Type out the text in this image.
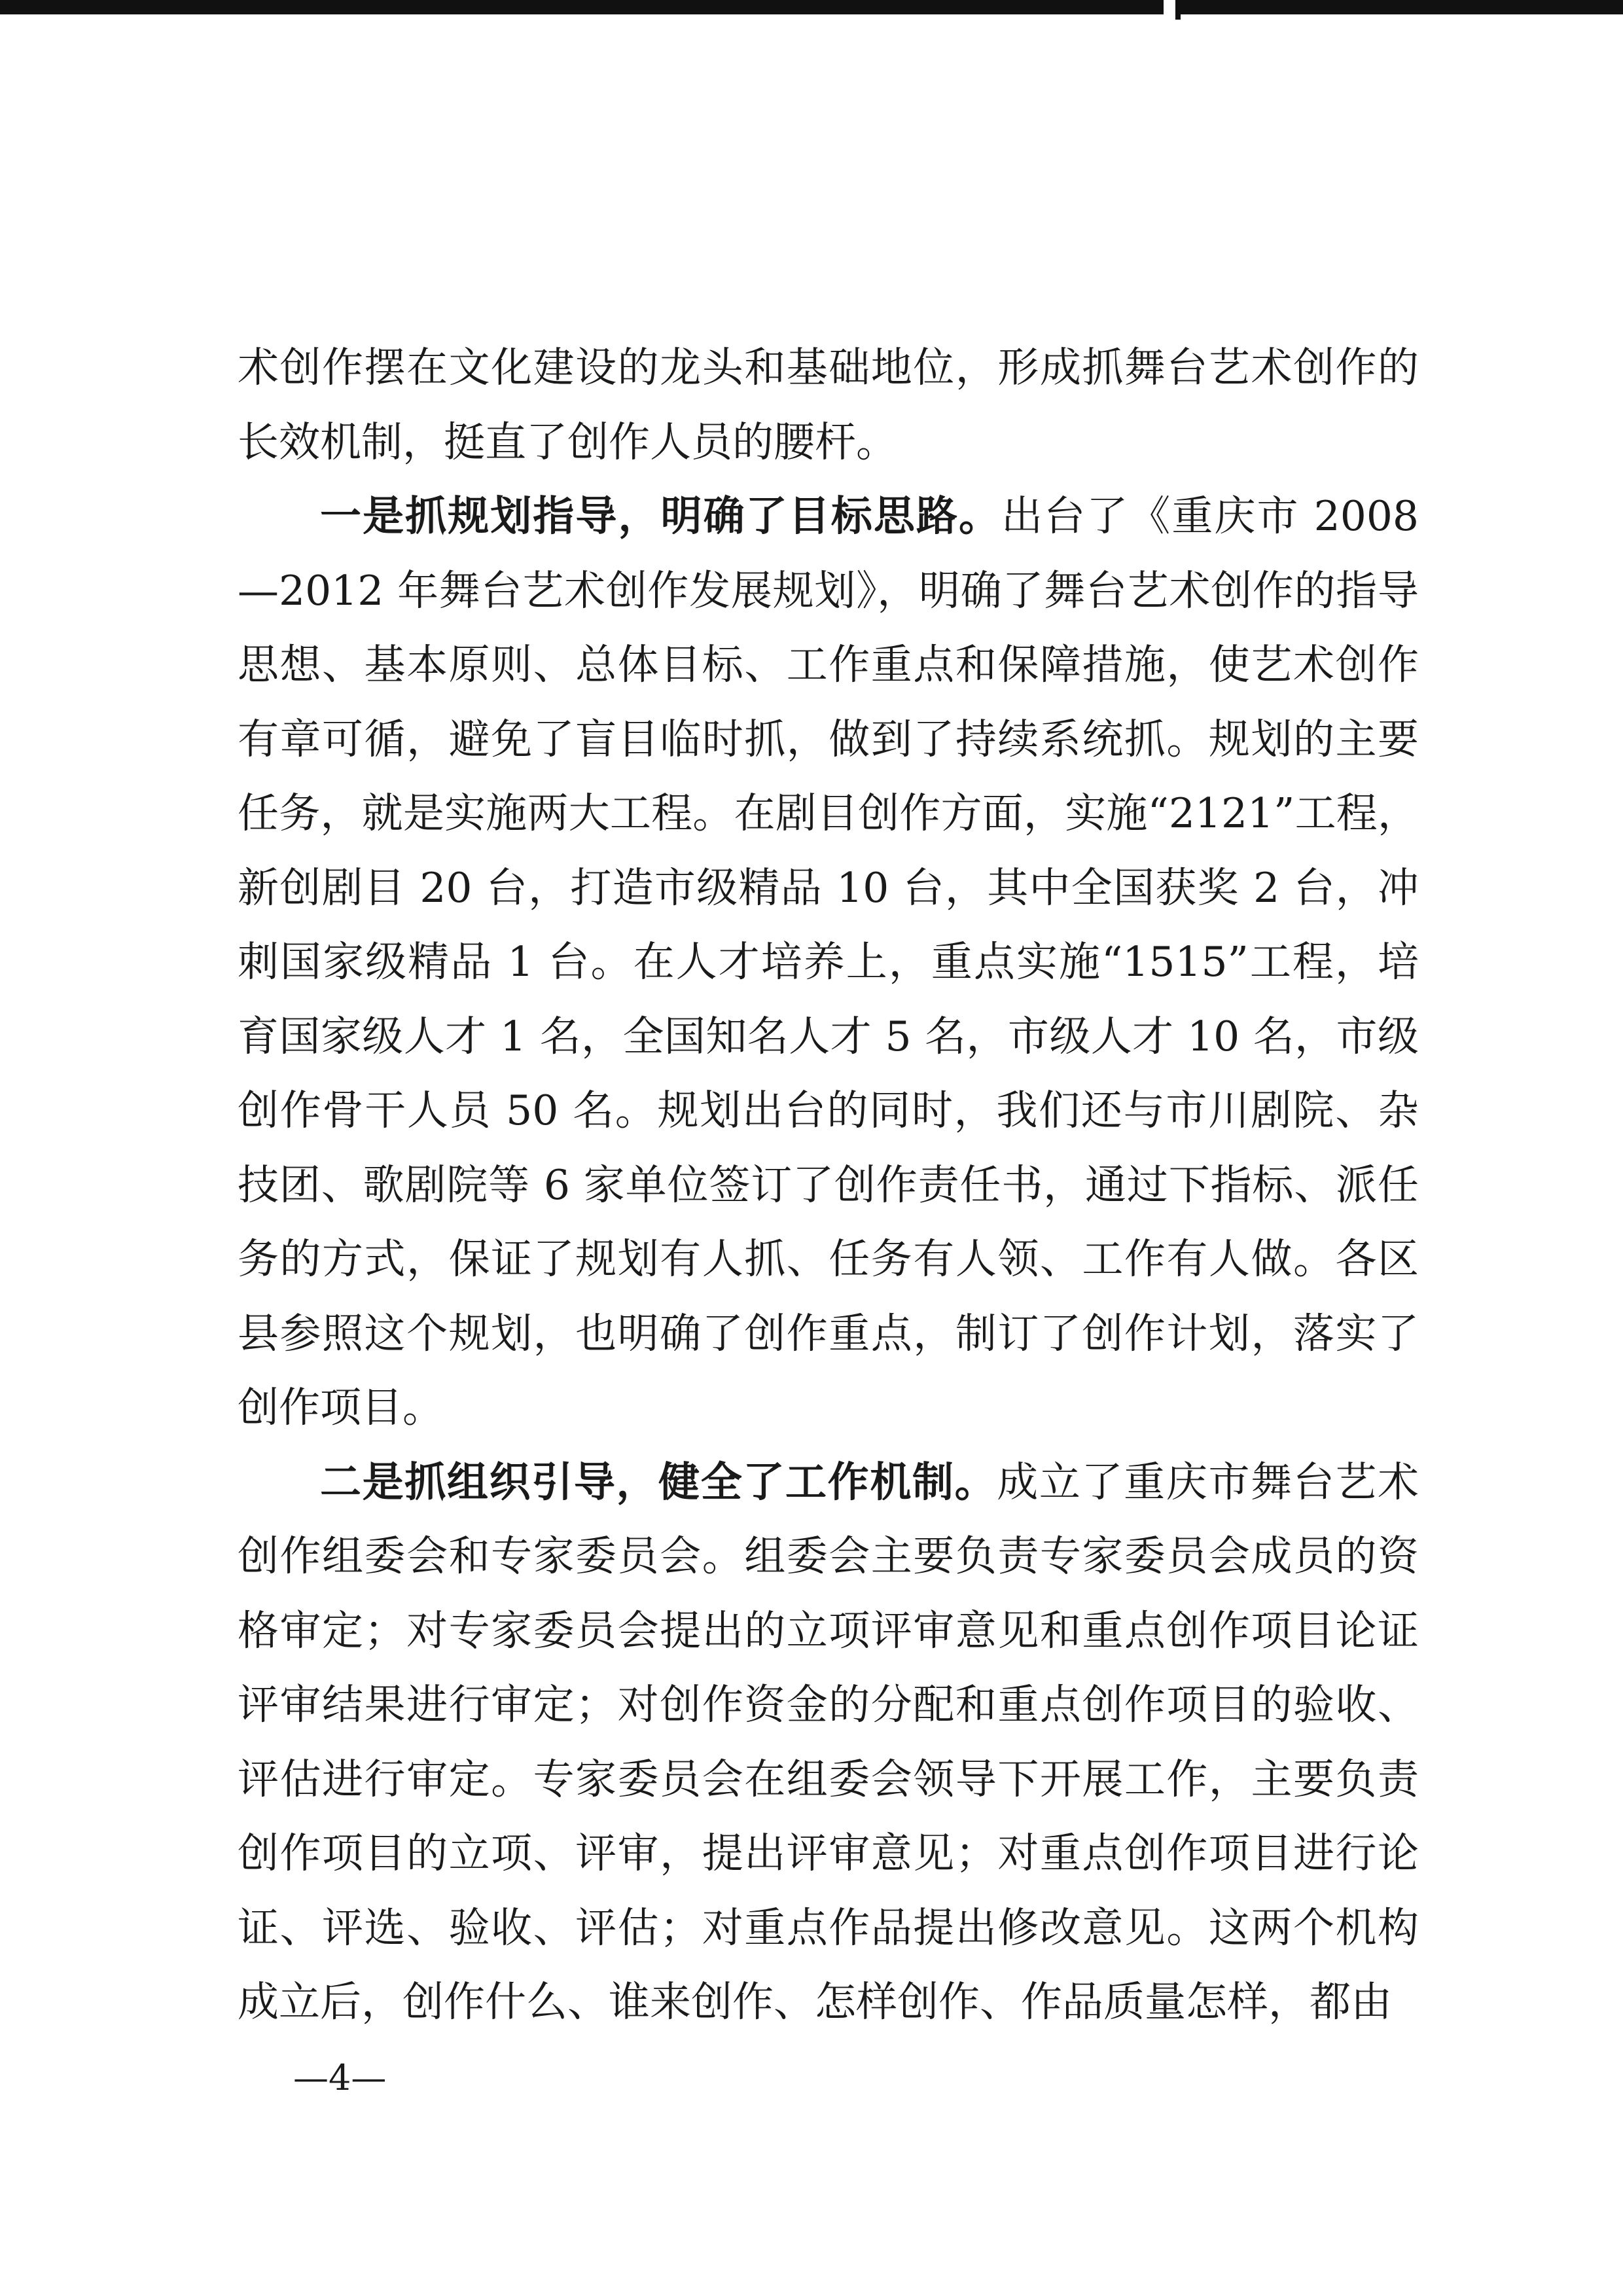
术创作摆在文化建设的龙头和基础地位，形成抓舞台艺术创作的长效机制，挺直了创作人员的腰杆。

一是抓规划指导，明确了目标思路。出台了《重庆市 2008—2012 年舞台艺术创作发展规划》，明确了舞台艺术创作的指导思想、基本原则、总体目标、工作重点和保障措施，使艺术创作有章可循，避免了盲目临时抓，做到了持续系统抓。规划的主要任务，就是实施两大工程。在剧目创作方面，实施“2121”工程，新创剧目 20 台，打造市级精品 10 台，其中全国获奖 2 台，冲刺国家级精品 1 台。在人才培养上，重点实施“1515”工程，培育国家级人才 1 名，全国知名人才 5 名，市级人才 10 名，市级创作骨干人员 50 名。规划出台的同时，我们还与市川剧院、杂技团、歌剧院等 6 家单位签订了创作责任书，通过下指标、派任务的方式，保证了规划有人抓、任务有人领、工作有人做。各区县参照这个规划，也明确了创作重点，制订了创作计划，落实了创作项目。

二是抓组织引导，健全了工作机制。成立了重庆市舞台艺术创作组委会和专家委员会。组委会主要负责专家委员会成员的资格审定；对专家委员会提出的立项评审意见和重点创作项目论证评审结果进行审定；对创作资金的分配和重点创作项目的验收、评估进行审定。专家委员会在组委会领导下开展工作，主要负责创作项目的立项、评审，提出评审意见；对重点创作项目进行论证、评选、验收、评估；对重点作品提出修改意见。这两个机构成立后，创作什么、谁来创作、怎样创作、作品质量怎样，都由

—4—
